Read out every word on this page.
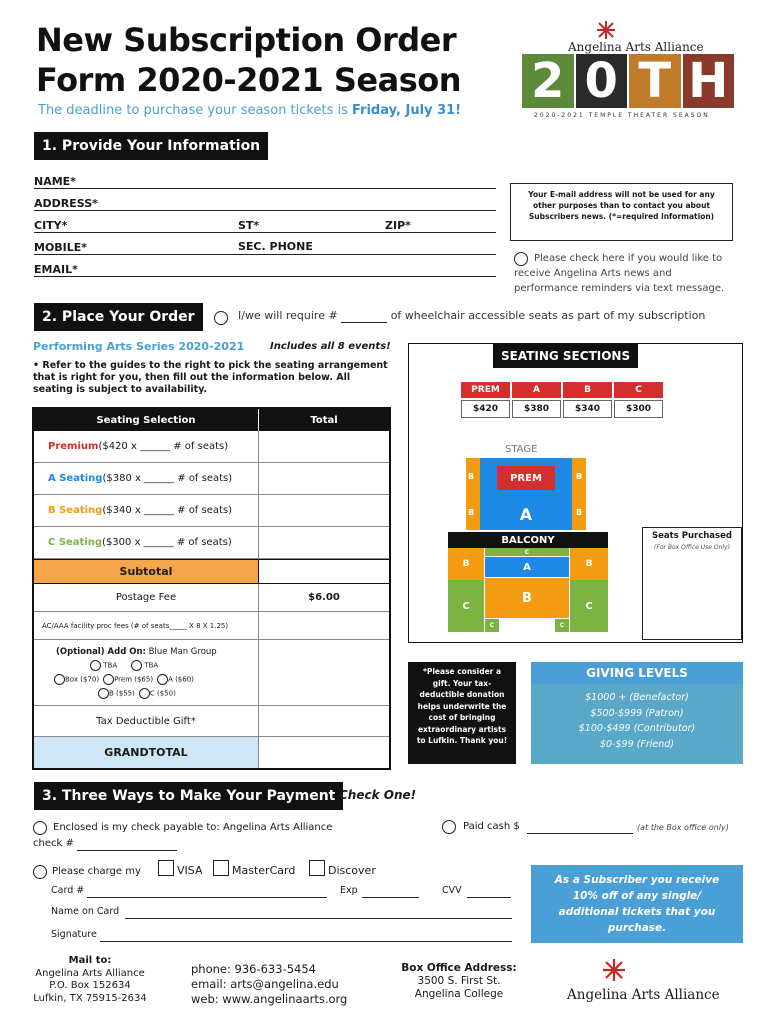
New Subscription Order
Form 2020-2021 Season
The deadline to purchase your season tickets is Friday, July 31!
Angelina Arts Alliance
2 0 T H
2020-2021 TEMPLE THEATER SEASON
1. Provide Your Information
NAME*
ADDRESS*
CITY*	ST*	ZIP*
MOBILE*	SEC. PHONE
EMAIL*
Your E-mail address will not be used for any other purposes than to contact you about Subscribers news. (*=required information)
Please check here if you would like to receive Angelina Arts news and performance reminders via text message.
2. Place Your Order	I/we will require #	of wheelchair accessible seats as part of my subscription
Performing Arts Series 2020-2021	Includes all 8 events!
• Refer to the guides to the right to pick the seating arrangement that is right for you, then fill out the information below. All seating is subject to availability.
Seating Selection	Total
Premium ($420 x ______ # of seats)
A Seating ($380 x ______ # of seats)
B Seating ($340 x ______ # of seats)
C Seating ($300 x ______ # of seats)
Subtotal
Postage Fee	$6.00
AC/AAA facility proc fees (# of seats_____ X 8 X 1.25)
(Optional) Add On: Blue Man Group
TBA	TBA
Box ($70)	Prem ($65)	A ($60)
B ($55)	C ($50)
Tax Deductible Gift*
GRANDTOTAL
SEATING SECTIONS
PREM	A	B	C
$420	$380	$340	$300
STAGE
B	B
B	B
PREM
A
BALCONY
B	B
C
A
C	C
B
C	C
Seats Purchased
(For Box Office Use Only)
*Please consider a gift. Your tax-deductible donation helps underwrite the cost of bringing extraordinary artists to Lufkin. Thank you!
GIVING LEVELS
$1000 + (Benefactor)
$500-$999 (Patron)
$100-$499 (Contributor)
$0-$99 (Friend)
3. Three Ways to Make Your Payment Check One!
Enclosed is my check payable to: Angelina Arts Alliance
check #
Paid cash $	(at the Box office only)
Please charge my	VISA	MasterCard	Discover
Card #	Exp	CVV
Name on Card
Signature
As a Subscriber you receive 10% off of any single/ additional tickets that you purchase.
Mail to:
Angelina Arts Alliance
P.O. Box 152634
Lufkin, TX 75915-2634
phone: 936-633-5454
email: arts@angelina.edu
web: www.angelinaarts.org
Box Office Address:
3500 S. First St.
Angelina College	Angelina Arts Alliance
